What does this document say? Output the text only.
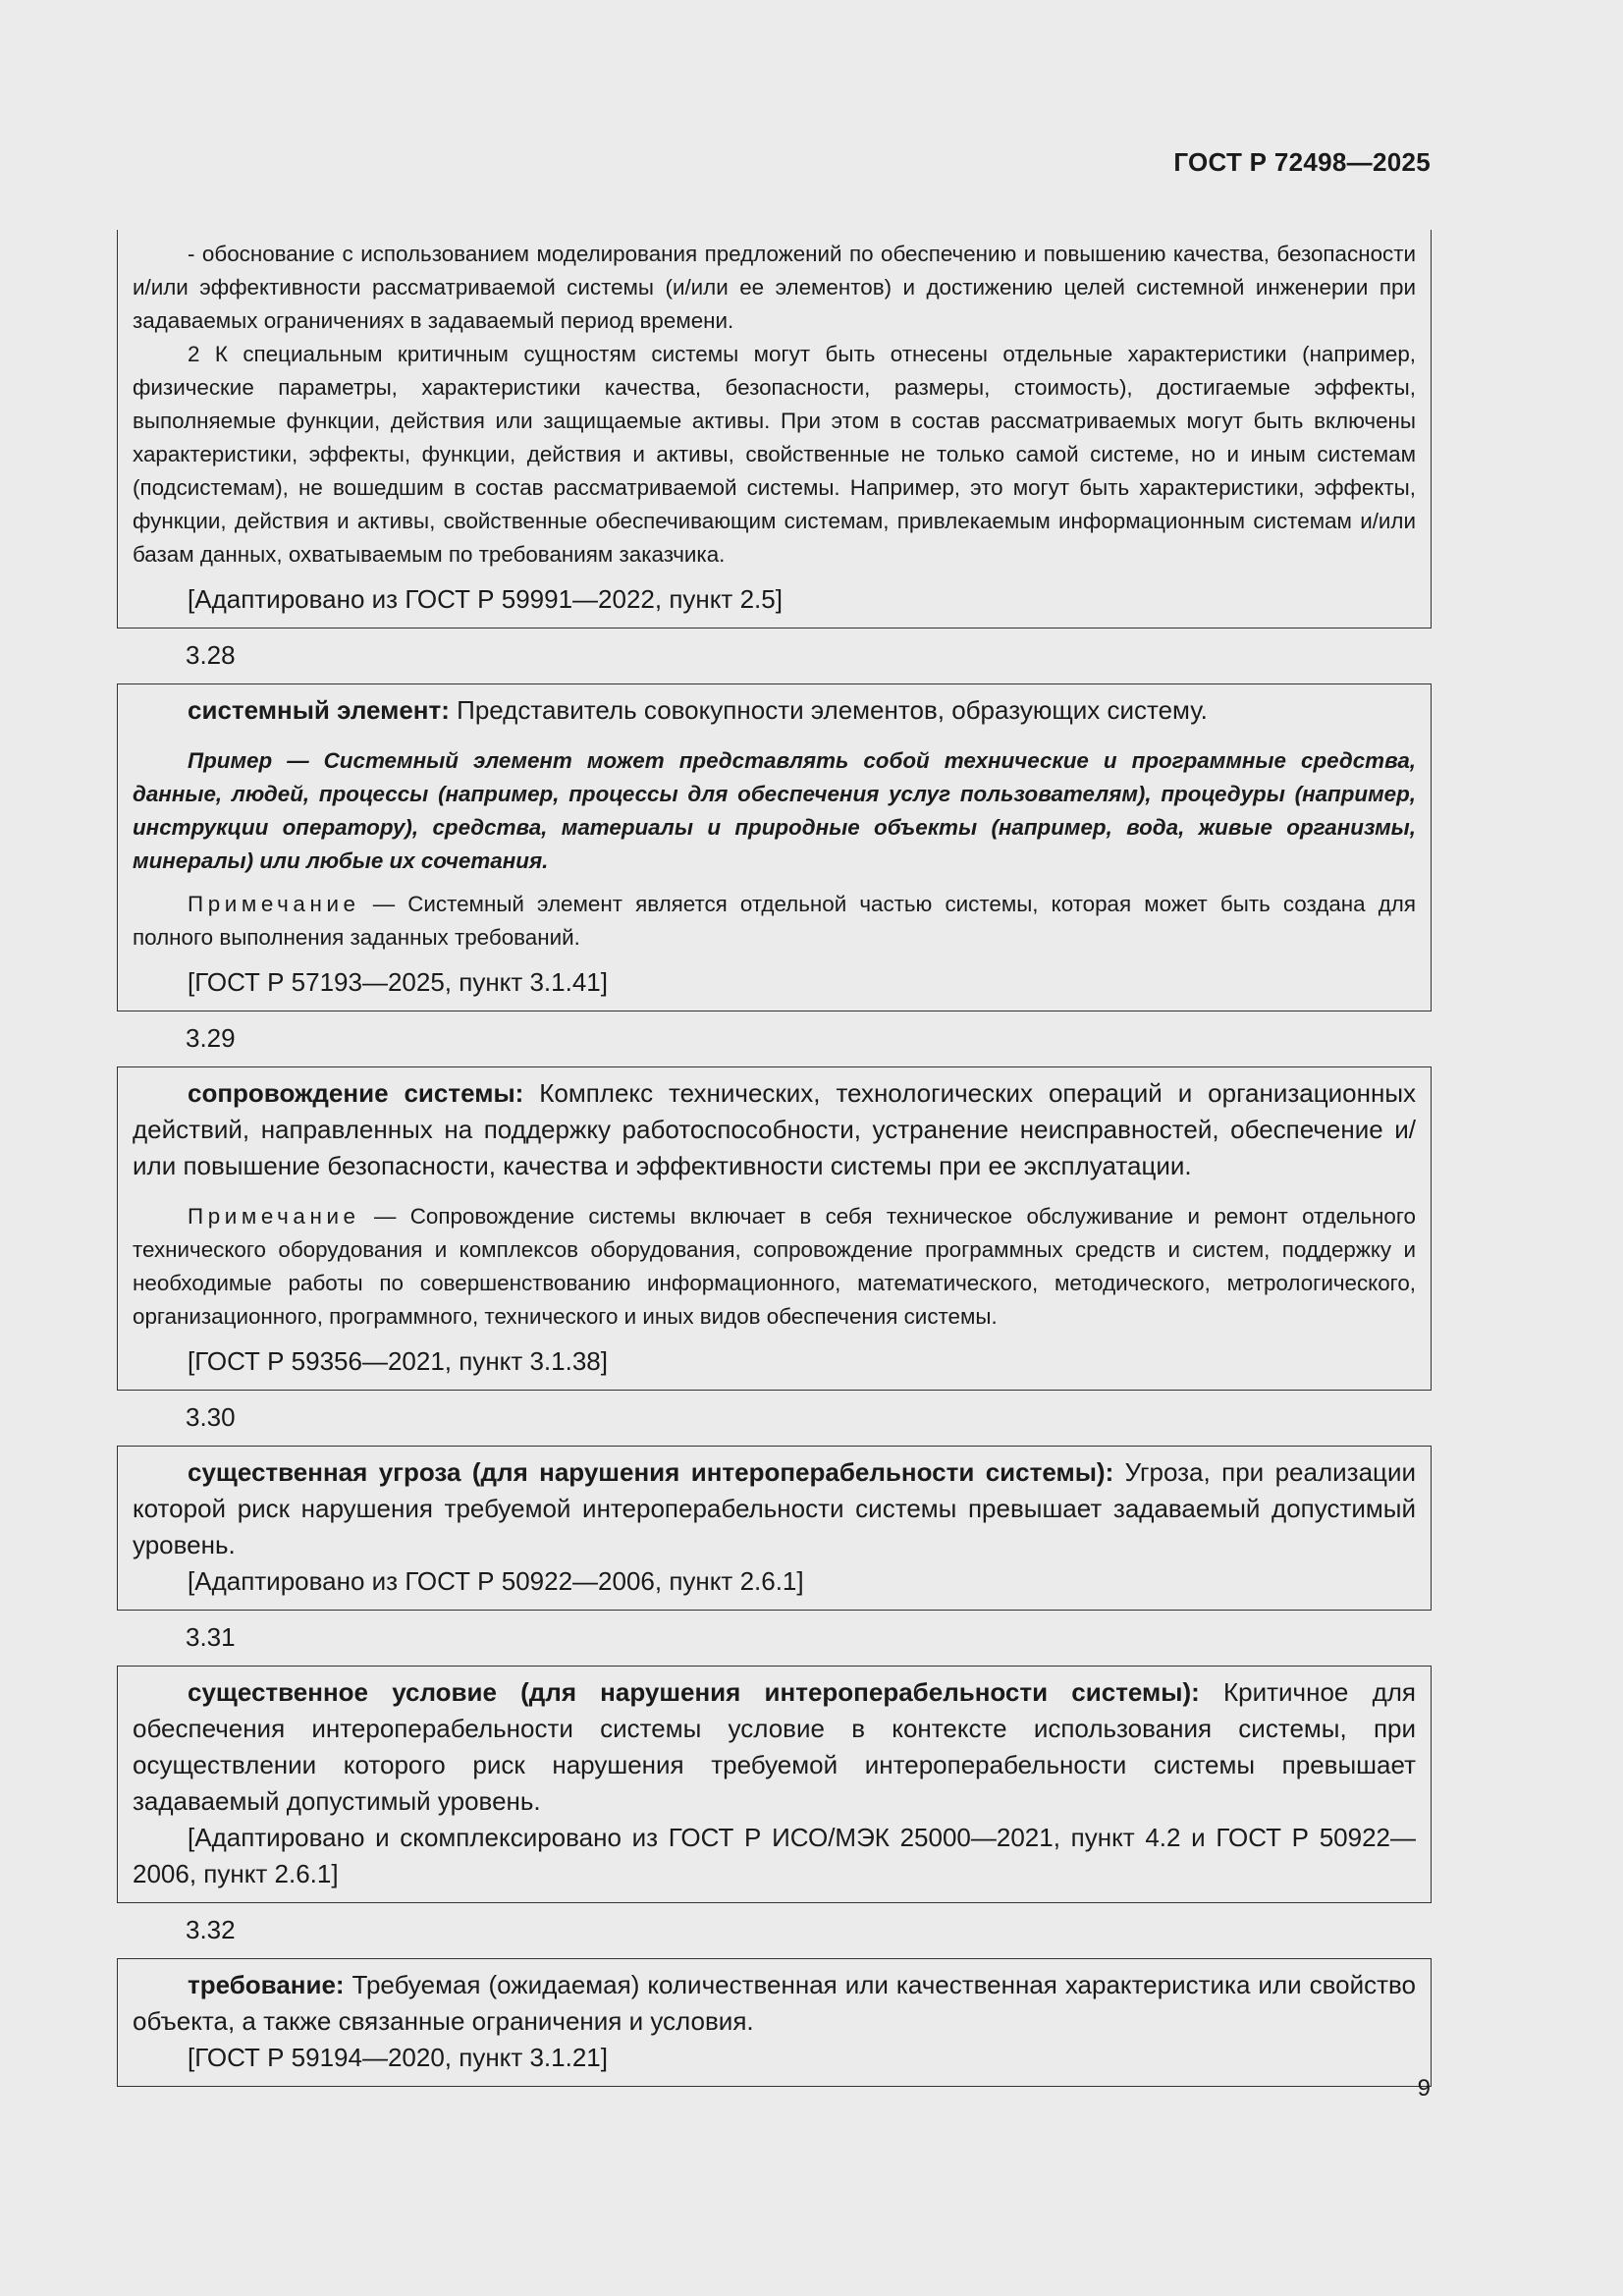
ГОСТ Р 72498—2025

- обоснование с использованием моделирования предложений по обеспечению и повышению качества, безопасности и/или эффективности рассматриваемой системы (и/или ее элементов) и достижению целей системной инженерии при задаваемых ограничениях в задаваемый период времени.

2 К специальным критичным сущностям системы могут быть отнесены отдельные характеристики (например, физические параметры, характеристики качества, безопасности, размеры, стоимость), достигаемые эффекты, выполняемые функции, действия или защищаемые активы. При этом в состав рассматриваемых могут быть включены характеристики, эффекты, функции, действия и активы, свойственные не только самой системе, но и иным системам (подсистемам), не вошедшим в состав рассматриваемой системы. Например, это могут быть характеристики, эффекты, функции, действия и активы, свойственные обеспечивающим системам, привлекаемым информационным системам и/или базам данных, охватываемым по требованиям заказчика.

[Адаптировано из ГОСТ Р 59991—2022, пункт 2.5]

3.28

системный элемент: Представитель совокупности элементов, образующих систему.

Пример — Системный элемент может представлять собой технические и программные средства, данные, людей, процессы (например, процессы для обеспечения услуг пользователям), процедуры (например, инструкции оператору), средства, материалы и природные объекты (например, вода, живые организмы, минералы) или любые их сочетания.

Примечание — Системный элемент является отдельной частью системы, которая может быть создана для полного выполнения заданных требований.

[ГОСТ Р 57193—2025, пункт 3.1.41]

3.29

сопровождение системы: Комплекс технических, технологических операций и организационных действий, направленных на поддержку работоспособности, устранение неисправностей, обеспечение и/или повышение безопасности, качества и эффективности системы при ее эксплуатации.

Примечание — Сопровождение системы включает в себя техническое обслуживание и ремонт отдельного технического оборудования и комплексов оборудования, сопровождение программных средств и систем, поддержку и необходимые работы по совершенствованию информационного, математического, методического, метрологического, организационного, программного, технического и иных видов обеспечения системы.

[ГОСТ Р 59356—2021, пункт 3.1.38]

3.30

существенная угроза (для нарушения интероперабельности системы): Угроза, при реализации которой риск нарушения требуемой интероперабельности системы превышает задаваемый допустимый уровень.

[Адаптировано из ГОСТ Р 50922—2006, пункт 2.6.1]

3.31

существенное условие (для нарушения интероперабельности системы): Критичное для обеспечения интероперабельности системы условие в контексте использования системы, при осуществлении которого риск нарушения требуемой интероперабельности системы превышает задаваемый допустимый уровень.

[Адаптировано и скомплексировано из ГОСТ Р ИСО/МЭК 25000—2021, пункт 4.2 и ГОСТ Р 50922—2006, пункт 2.6.1]

3.32

требование: Требуемая (ожидаемая) количественная или качественная характеристика или свойство объекта, а также связанные ограничения и условия.

[ГОСТ Р 59194—2020, пункт 3.1.21]

9
